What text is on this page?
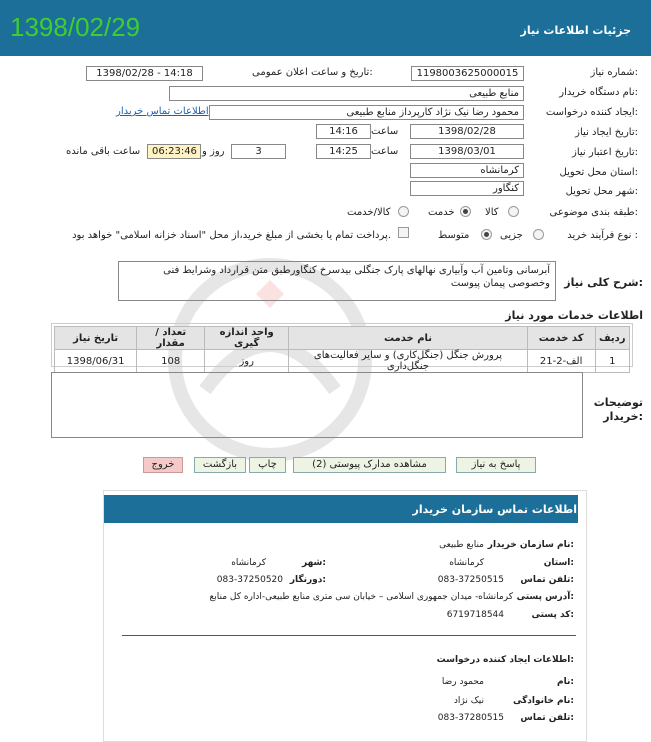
جزئیات اطلاعات نیاز
1398/02/29
شماره نیاز:
1198003625000015
تاریخ و ساعت اعلان عمومی:
1398/02/28 - 14:18
نام دستگاه خریدار:
منابع طبیعی
ایجاد کننده درخواست:
محمود رضا نیک نژاد کارپرداز منابع طبیعی
اطلاعات تماس خریدار
تاریخ ایجاد نیاز:
1398/02/28
ساعت
14:16
تاریخ اعتبار نیاز:
1398/03/01
ساعت
14:25
3
روز و
06:23:46
ساعت باقی مانده
استان محل تحویل:
کرمانشاه
شهر محل تحویل:
کنگاور
طبقه بندی موضوعی:
کالا
خدمت
کالا/خدمت
نوع فرآیند خرید :
جزیی
متوسط
پرداخت تمام یا بخشی از مبلغ خرید،از محل "اسناد خزانه اسلامی" خواهد بود.
شرح کلی نیاز:
آبرسانی وتامین آب وآبیاری نهالهای پارک جنگلی بیدسرخ کنگاورطبق متن قرارداد وشرایط فنی وخصوصی پیمان پیوست
اطلاعات خدمات مورد نیاز
ردیف	کد خدمت	نام خدمت	واحد اندازه گیری	تعداد / مقدار	تاریخ نیاز
1	الف-2-21	پرورش جنگل (جنگل‌کاری) و سایر فعالیت‌های جنگل‌داری	روز	108	1398/06/31
توضیحات خریدار:
پاسخ به نیاز
مشاهده مدارک پیوستی (2)
چاپ
بازگشت
خروج
اطلاعات تماس سازمان خریدار
نام سازمان خریدار:
منابع طبیعی
استان:
کرمانشاه
شهر:
کرمانشاه
تلفن تماس:
083-37250515
دورنگار:
083-37250520
آدرس پستی:
کرمانشاه- میدان جمهوری اسلامی – خیابان سی متری منابع طبیعی-اداره کل منابع
کد پستی:
6719718544
اطلاعات ایجاد کننده درخواست:
نام:
محمود رضا
نام خانوادگی:
نیک نژاد
تلفن تماس:
083-37280515
